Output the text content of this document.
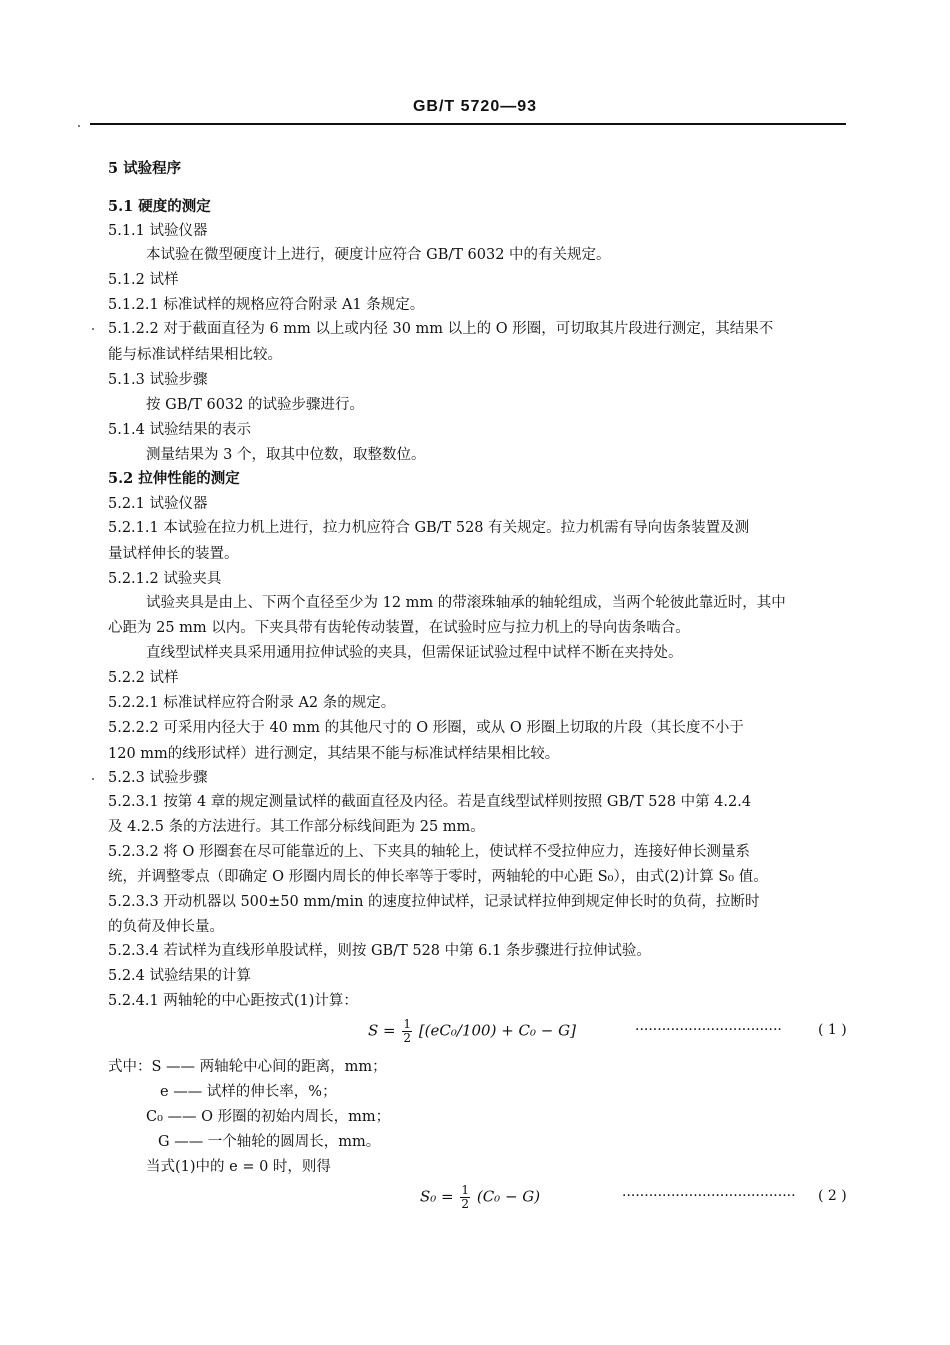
GB/T 5720—93
5 试验程序
5.1 硬度的测定
5.1.1 试验仪器
本试验在微型硬度计上进行，硬度计应符合 GB/T 6032 中的有关规定。
5.1.2 试样
5.1.2.1 标准试样的规格应符合附录 A1 条规定。
5.1.2.2 对于截面直径为 6 mm 以上或内径 30 mm 以上的 O 形圈，可切取其片段进行测定，其结果不
能与标准试样结果相比较。
5.1.3 试验步骤
按 GB/T 6032 的试验步骤进行。
5.1.4 试验结果的表示
测量结果为 3 个，取其中位数，取整数位。
5.2 拉伸性能的测定
5.2.1 试验仪器
5.2.1.1 本试验在拉力机上进行，拉力机应符合 GB/T 528 有关规定。拉力机需有导向齿条装置及测
量试样伸长的装置。
5.2.1.2 试验夹具
试验夹具是由上、下两个直径至少为 12 mm 的带滚珠轴承的轴轮组成，当两个轮彼此靠近时，其中
心距为 25 mm 以内。下夹具带有齿轮传动装置，在试验时应与拉力机上的导向齿条啮合。
直线型试样夹具采用通用拉伸试验的夹具，但需保证试验过程中试样不断在夹持处。
5.2.2 试样
5.2.2.1 标准试样应符合附录 A2 条的规定。
5.2.2.2 可采用内径大于 40 mm 的其他尺寸的 O 形圈，或从 O 形圈上切取的片段（其长度不小于
120 mm的线形试样）进行测定，其结果不能与标准试样结果相比较。
5.2.3 试验步骤
5.2.3.1 按第 4 章的规定测量试样的截面直径及内径。若是直线型试样则按照 GB/T 528 中第 4.2.4
及 4.2.5 条的方法进行。其工作部分标线间距为 25 mm。
5.2.3.2 将 O 形圈套在尽可能靠近的上、下夹具的轴轮上，使试样不受拉伸应力，连接好伸长测量系
统，并调整零点（即确定 O 形圈内周长的伸长率等于零时，两轴轮的中心距 S₀），由式(2)计算 S₀ 值。
5.2.3.3 开动机器以 500±50 mm/min 的速度拉伸试样，记录试样拉伸到规定伸长时的负荷，拉断时
的负荷及伸长量。
5.2.3.4 若试样为直线形单股试样，则按 GB/T 528 中第 6.1 条步骤进行拉伸试验。
5.2.4 试验结果的计算
5.2.4.1 两轴轮的中心距按式(1)计算：
$S = \frac{1}{2} [(eC_0/100) + C_0 - G]$	·································	( 1 )
式中：S —— 两轴轮中心间的距离，mm；
e —— 试样的伸长率，%；
C₀ —— O 形圈的初始内周长，mm；
G —— 一个轴轮的圆周长，mm。
当式(1)中的 e = 0 时，则得
$S_0 = \frac{1}{2} (C_0 - G)$	······································· ( 2 )
